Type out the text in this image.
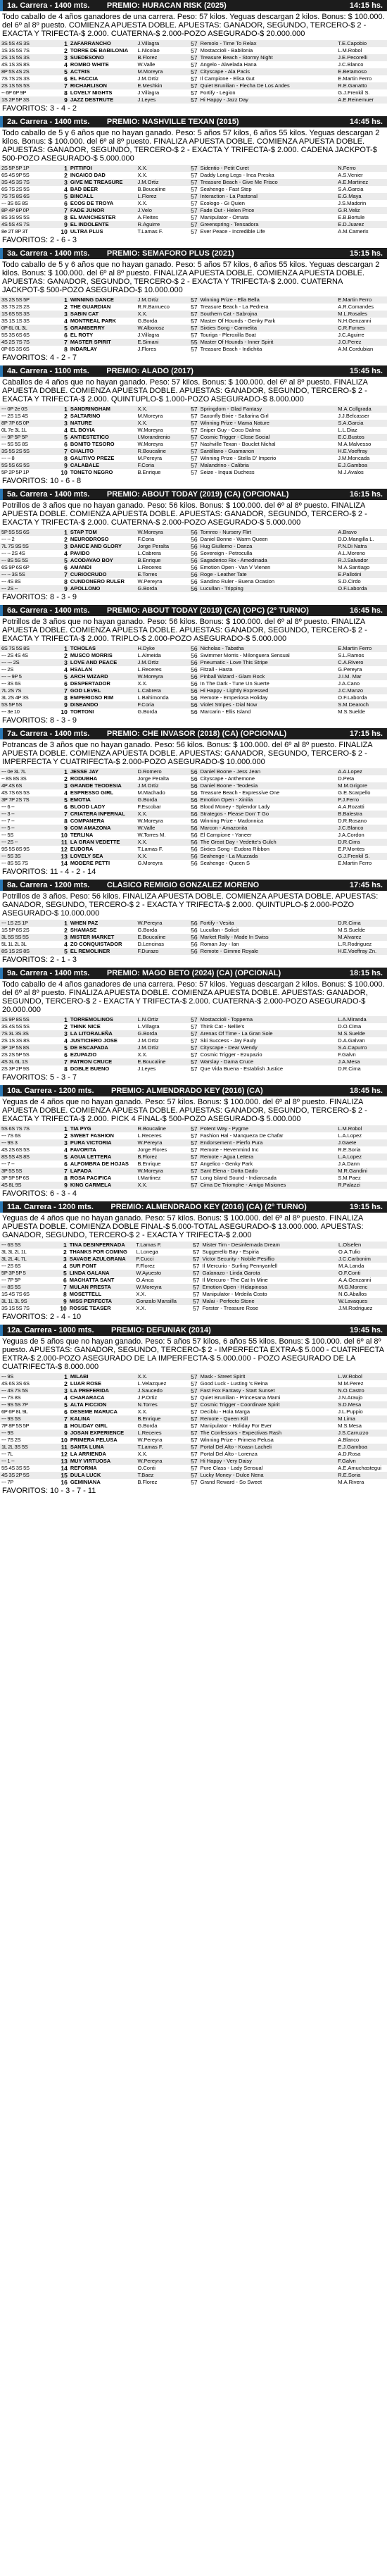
1a. Carrera - 1400 mts. PREMIO: HURACAN RISK (2025)	14:15 hs.
Todo caballo de 4 años ganadores de una carrera. Peso: 57 kilos. Yeguas descargan 2 kilos. Bonus: $ 100.000. del 6º al 8º puesto. COMIENZA APUESTA DOBLE. APUESTAS: GANADOR, SEGUNDO, TERCERO-$ 2 - EXACTA Y TRIFECTA-$ 2.000. CUATERNA-$ 2.000-POZO ASEGURADO-$ 20.000.000
3S 5S 4S 3S	1	ZAFARRANCHO	J.Villagra	57	Remolo - Time To Relax	T.E.Capobio
1S 3S 5S 7S	2	TORRE DE BABILONIA	L.Nicolao	57	Mostaccioli - Babilonia	L.M.Robol
2S 1S 5S 3S	3	SUEDESONO	B.Florez	57	Treasure Beach - Stormy Night	J.E.Pecorelli
4S 1S 3S 8S	4	ROMBO WHITE	W.Valle	57	Angelo - Alwelada Hana	J.C.Blanco
8P 5S 4S 2S	5	ACTRIS	M.Moreyra	57	Cityscape - Ala Pacis	E.Betamoso
7S 7S 2S 3S	6	EL FACCIA	J.M.Ortiz	57	Il Campione - Elisa Gut	E.Martin Ferro
2S 1S 5S 5S	7	RICHARLISON	E.Meshkin	57	Quiet Brunilian - Flecha De Los Andes	R.E.Ganatto
-- 6P 6P 9P	8	LOVELY NIGHTS	J.Villagra	57	Fortify - Legion	G.J.Frenkil S.
1S 2P 5P 3S	9	JAZZ DESTRUTE	J.Leyes	57	Hi Happy - Jazz Day	A.E.Reinemuer
FAVORITOS: 3 - 4 - 2
2a. Carrera - 1400 mts. PREMIO: NASHVILLE TEXAN (2015)	14:45 hs.
Todo caballo de 5 y 6 años que no hayan ganado. Peso: 5 años 57 kilos, 6 años 55 kilos. Yeguas descargan 2 kilos. Bonus: $ 100.000. del 6º al 8º puesto. FINALIZA APUESTA DOBLE. COMIENZA APUESTA DOBLE. APUESTAS: GANADOR, SEGUNDO, TERCERO-$ 2 - EXACTA Y TRIFECTA-$ 2.000. CADENA JACKPOT-$ 500-POZO ASEGURADO-$ 5.000.000
2S 5P 5P 1P	1	PITTIFOI	X.X.	57	Sidentio - Petit Curet	N.Ferro
6S 4S 9P 5S	2	INCAICO DAD	X.X.	57	Daddy Long Legs - Inca Preska	A.S.Venier
3S 4S 3S 7S	3	GIVE ME TREASURE	J.M.Ortiz	57	Treasure Beach - Give Me Frisco	A.E.Martinez
6S 7S 2S 5S	4	BAD BEER	B.Boucaline	57	Seahenge - Fast Step	S.A.Garcia
7S 7S 8S 6S	5	BINCALL	L.Florez	57	Interaction - La Pastonal	E.G.Maya
--- 3S 6S 8S	6	ECOS DE TROYA	X.X.	57	Ecologo - Gi Quien	J.S.Madorin
8P 4P 8P 0P	7	FADE JUNOR	J.Velo	57	Fade Out - Helen Price	G.R.Veliz
8S 3S 9S 5S	8	EL MANCHESTER	A.Fleites	57	Manipulator - Ornata	E.B.Bortule
4S 5S 4S 7S	9	EL INDOLENTE	R.Aguirre	57	Greenspring - Tensadora	E.D.Juarez
8e 2T 8P 3T	10	ULTRA PLUS	T.Lamas F.	57	Ever Peace - Incredible Life	A.M.Camerix
FAVORITOS: 2 - 6 - 3
3a. Carrera - 1400 mts. PREMIO: SEMAFORO PLUS (2021)	15:15 hs.
Todo caballo de 5 y 6 años que no hayan ganado. Peso: 5 años 57 kilos, 6 años 55 kilos. Yeguas descargan 2 kilos. Bonus: $ 100.000. del 6º al 8º puesto. FINALIZA APUESTA DOBLE. COMIENZA APUESTA DOBLE. APUESTAS: GANADOR, SEGUNDO, TERCERO-$ 2 - EXACTA Y TRIFECTA-$ 2.000. CUATERNA JACKPOT-$ 500-POZO ASEGURADO-$ 10.000.000
3S 2S 5S 5P	1	WINNING DANCE	J.M.Ortiz	57	Winning Prize - Ella Bella	E.Martin Ferro
3S 7S 2S 2S	2	THE GUARDIAN	R.R.Barrueco	57	Treasure Beach - La Pedrera	A.R.Comandes
1S 6S 5S 3S	3	SABIN CAT	X.X.	57	Southern Cat - Sabrojna	M.L.Rosales
3S 1S 1S 3S	4	MONTREAL PARK	G.Borda	57	Master Of Hounds - Genky Park	N.H.Genzanni
0P 6L 0L 3L	5	GRAMBERRY	W.Alborosz	57	Sixties Song - Carmelita	C.R.Furnes
5S 3S 6S 6S	6	EL ROTY	J.Villagra	57	Touriga - Pleroxilla Boat	J.C.Aguirre
4S 2S 7S 7S	7	MASTER SPIRIT	E.Simani	55	Master Of Hounds - Inner Spirit	J.O.Perez
0P 6S 3S 6S	8	INDARLAY	J.Flores	57	Treasure Beach - Indichita	A.M.Cordubian
FAVORITOS: 4 - 2 - 7
4a. Carrera - 1100 mts. PREMIO: ALADO (2017)	15:45 hs.
Caballos de 4 años que no hayan ganado. Peso: 57 kilos. Bonus: $ 100.000. del 6º al 8º puesto. FINALIZA APUESTA DOBLE. COMIENZA APUESTA DOBLE. APUESTAS: GANADOR, SEGUNDO, TERCERO-$ 2 - EXACTA Y TRIFECTA-$ 2.000. QUINTUPLO-$ 1.000-POZO ASEGURADO-$ 8.000.000
--- 0P 2e 0S	1	SANDRINGHAM	X.X.	57	Springdom - Glad Fantasy	M.A.Collgrada
--- 2S 1S 4S	2	SALTARINO	M.Moreyra	57	Saxonfly Bixie - Saltarina Girl	J.J.Belcasser
8P 7P 6S 0P	3	NATURE	X.X.	57	Winning Prize - Mama Nature	S.A.Garcia
0L 7e 3L 1L	4	EL BOYIA	W.Moreyra	57	Sniper Guy - Coco Dalma	L.L.Diaz
--- 9P 5P 5P	5	ANTIESTETICO	I.Morandrenio	57	Cosmic Trigger - Close Social	E.C.Bustos
--- 5S 5S 8S	6	BONITO TESORO	W.Moreyra	57	Nashville Texan - Bouclet Nichal	M.A.Malvesso
3S 5S 2S 5S	7	CHALITO	R.Boucaline	57	Santillano - Guamanon	H.E.Voeffray
--- -- 8	8	GALITIVO PREZE	M.Pereyra	57	Winning Prize - Stella D' Imperio	J.M.Moncada
5S 5S 6S 5S	9	CALABALE	F.Coria	57	Malandrino - Calibria	E.J.Gamboa
5P 2P 5P 1P	10	TONETO NEGRO	B.Enrique	57	Seize - Inquai Duchess	M.J.Avalos
FAVORITOS: 10 - 6 - 8
5a. Carrera - 1400 mts. PREMIO: ABOUT TODAY (2019) (CA) (OPCIONAL)	16:15 hs.
Potrillos de 3 años que no hayan ganado. Peso: 56 kilos. Bonus: $ 100.000. del 6º al 8º puesto. FINALIZA APUESTA DOBLE. COMIENZA APUESTA DOBLE. APUESTAS: GANADOR, SEGUNDO, TERCERO-$ 2 - EXACTA Y TRIFECTA-$ 2.000. CUATERNA-$ 2.000-POZO ASEGURADO-$ 5.000.000
5P 5S 5S 6S	1	STAP TOM	W.Moreyra	56	Tomreo - Nursery Flirt	A.Bravo
--- -- 2	2	NEURODROSO	F.Coria	56	Daniel Bonne - Warm Queen	D.D.Mangilla L.
7L 7S 9S 5S	3	DANCE AND GLORY	Jorge Peralta	56	Hug Giullemo - Danza	P.N.Di Natra
--- -- 2S 4S	4	PAVIDO	L.Cabrera	56	Sovereign - Petroculla	A.L.Moreno
--- 8S 5S 5S	5	ACODAVAO BOY	B.Enrique	56	Sagaderico Rix - Amedinada	R.J.Salvador
6S 9P 6S 6P	6	AMANDI	L.Receres	56	Emotion Open - Van V Vienen	M.A.Santiago
--- -- 3S 5S	7	CURIOCRUDO	E.Torres	56	Roge - Leather Tate	E.Pallotini
--- 4S 8S	8	CUNDONERO RULER	W.Pereyra	56	Sandino Ruler - Buena Ocasion	S.D.Cirdo
--- 2S --	9	APOLLONO	G.Borda	56	Lucullan - Tripping	O.F.Laborda
FAVORITOS: 8 - 3 - 9
6a. Carrera - 1400 mts. PREMIO: ABOUT TODAY (2019) (CA) (OPC) (2º TURNO)	16:45 hs.
Potrillos de 3 años que no hayan ganado. Peso: 56 kilos. Bonus: $ 100.000. del 6º al 8º puesto. FINALIZA APUESTA DOBLE. COMIENZA APUESTA DOBLE. APUESTAS: GANADOR, SEGUNDO, TERCERO-$ 2 - EXACTA Y TRIFECTA-$ 2.000. TRIPLO-$ 2.000-POZO ASEGURADO-$ 5.000.000
6S 7S 5S 8S	1	TCHOLAS	H.Dyke	56	Nicholas - Tabatha	E.Martin Ferro
--- 2S 4S 4S	2	MUSCO MORRIS	L.Almeida	56	Swimmer Morris - Milonguera Sensual	S.L.Ramos
--- --- 2S	3	LOVE AND PEACE	J.M.Ortiz	56	Pneumatic - Love This Stripe	C.A.Rivero
--- 2S	4	HSALAN	L.Receres	56	Fitzall - Hasta	G.Pereyra
--- -- 9P 5	5	ARCH WIZARD	W.Moreyra	56	Pinball Wizard - Glam Rock	J.I.M. Mar
--- 3S 6S	6	DESPERTADOR	X.X.	56	In The Dark - Tune Un Suerte	J.A.Cano
7L 2S 7S	7	GOD LEVEL	L.Cabrera	56	Hi Happy - Lightly Expressed	J.C.Manzo
3L 2S 4P 3S	8	EMPERIOSO RIM	L.Bahimonda	56	Remote - Emperiosa Holiday	O.F.Laborda
5S 5P 5S	9	DISEANDO	F.Coria	56	Violet Stripes - Dial Now	S.M.Dearoch
--- 3e 10	10	TORTONI	G.Borda	56	Marcarin - Ellis Island	M.S.Suelde
FAVORITOS: 8 - 3 - 9
7a. Carrera - 1400 mts. PREMIO: CHE INVASOR (2018) (CA) (OPCIONAL)	17:15 hs.
Potrancas de 3 años que no hayan ganado. Peso: 56 kilos. Bonus: $ 100.000. del 6º al 8º puesto. FINALIZA APUESTA DOBLE. COMIENZA APUESTA DOBLE. APUESTAS: GANADOR, SEGUNDO, TERCERO-$ 2 - IMPERFECTA Y CUATRIFECTA-$ 2.000-POZO ASEGURADO-$ 10.000.000
--- 0e 3L 7L	1	JESSE JAY	D.Romero	56	Daniel Boone - Jess Jean	A.A.Lopez
-- 8S 8S 3S	2	RODUBHA	Jorge Peralta	56	Cityscape - Anthemone	D.Peta
4P 4S 6S	3	GRANDE TEODESIA	J.M.Ortiz	56	Daniel Boone - Teodesia	M.M.Grigore
4S 7S 6S 5S	4	ESPRESSO GIRL	M.Machado	56	Treasure Beach - Expressive One	G.E.Scarpello
3P 7P 2S 7S	5	EMOTIA	G.Borda	56	Emotion Open - Xinilia	P.J.Ferro
--- 6 --	6	BLOOD LADY	F.Escobar	56	Blood Money - Splendor Lady	A.A.Rozatti
--- 3 --	7	CRIATERA INFERNAL	X.X.	56	Strategos - Please Don' T Go	B.Balestra
--- 7 --	8	COMPANERA	W.Moreyra	56	Winning Prize - Madonnica	D.R.Rosano
--- 5 --	9	COM AMAZONA	W.Valle	56	Marcon - Amazonita	J.C.Blanco
--- 5S	10	TERLINA	W.Torres M.	56	El Campione - Yaneer	J.A.Cordon
--- 2S --	11	LA GRAN VEDETTE	X.X.	56	The Great Day - Vedette's Gulch	D.R.Cirra
9S 5S 8S 9S	12	EUDORA	T.Lamas F.	56	Sixties Song - Eudora Ribbon	E.P.Montes
--- 5S 3S	13	LOVELY SEA	X.X.	56	Seahenge - La Muzzada	G.J.Frenkil S.
--- 8S 5S 7S	14	MODERE PETTI	G.Moreyra	56	Seahenge - Queen S	E.Martin Ferro
FAVORITOS: 11 - 4 - 2 - 14
8a. Carrera - 1200 mts. CLASICO REMIGIO GONZALEZ MORENO	17:45 hs.
Potrillos de 3 años. Peso: 56 kilos. FINALIZA APUESTA DOBLE. COMIENZA APUESTA DOBLE. APUESTAS: GANADOR, SEGUNDO, TERCERO-$ 2 - EXACTA Y TRIFECTA-$ 2.000. QUINTUPLO-$ 2.000-POZO ASEGURADO-$ 10.000.000
--- 1S 2S 1P	1	WHEN PAZ	W.Pereyra	56	Fortify - Vesita	D.R.Cima
1S 5P 8S 2S	2	SHAMASE	G.Borda	56	Lucullan - Solicit	M.S.Suelde
3L 5S 5S 5S	3	MISTER MARKET	E.Boucaline	56	Market Rally - Made In Swiss	M.Alvarez
5L 1L 2L 3L	4	ZO CONQUISTADOR	D.Lencinas	56	Roman Joy - Ian	L.R.Rodriguez
8S 1S 2S 8S	5	EL REMOLINER	F.Durazo	56	Remote - Gimme Royale	H.E.Voeffray Zn.
FAVORITOS: 2 - 1 - 3
9a. Carrera - 1400 mts. PREMIO: MAGO BETO (2024) (CA) (OPCIONAL)	18:15 hs.
Todo caballo de 4 años ganadores de una carrera. Peso: 57 kilos. Yeguas descargan 2 kilos. Bonus: $ 100.000. del 6º al 8º puesto. FINALIZA APUESTA DOBLE. COMIENZA APUESTA DOBLE. APUESTAS: GANADOR, SEGUNDO, TERCERO-$ 2 - EXACTA Y TRIFECTA-$ 2.000. CUATERNA-$ 2.000-POZO ASEGURADO-$ 20.000.000
1S 9P 8S 5S	1	TORREMOLINOS	L.N.Ortiz	57	Mostaccioli - Toppema	L.A.Miranda
3S 4S 5S 5S	2	THINK NICE	L.Villagra	57	Think Cat - Nellie's	D.O.Cima
7S 3L 3S 3S	3	LA LITORALEÑA	G.Borda	57	Arenas Of Time - La Gran Sole	M.S.Suelde
2S 1S 3S 8S	4	JUSTICIERO JOSE	J.M.Ortiz	57	Ski Success - Jay Fauly	D.A.Galvan
3P 1P 5S 8S	5	DE ESCAPADA	J.M.Ortiz	57	Cityscape - Dear Wendy	S.A.Capurro
2S 2S 5P 5S	6	EZUPAZIO	X.X.	57	Cosmic Trigger - Ezupazio	F.Galvn
4S 3L 6L 1S	7	PATRON CRUCE	E.Boucaline	57	Warslay - Dama Cruce	J.A.Mesa
2S 3P 2P 9S	8	DOBLE BUENO	J.Leyes	57	Que Vida Buena - Establish Justice	D.R.Cima
FAVORITOS: 5 - 3 - 7
10a. Carrera - 1200 mts. PREMIO: ALMENDRADO KEY (2016) (CA)	18:45 hs.
Yeguas de 4 años que no hayan ganado. Peso: 57 kilos. Bonus: $ 100.000. del 6º al 8º puesto. FINALIZA APUESTA DOBLE. COMIENZA APUESTA DOBLE. APUESTAS: GANADOR, SEGUNDO, TERCERO-$ 2 - EXACTA Y TRIFECTA-$ 2.000. PICK 4 FINAL-$ 500-POZO ASEGURADO-$ 5.000.000
5S 6S 7S 7S	1	TIA PYG	R.Boucaline	57	Potent Way - Pygme	L.M.Robol
--- 7S 6S	2	SWEET FASHION	L.Receres	57	Fashion Hal - Manqueza De Chafar	L.A.Lopez
--- 9S 3	3	PURA VICTORIA	W.Pereyra	57	Endorsement - Pierfo Pura	J.Gaete
4S 2S 6S 5S	4	FAVORITA	Jorge Flores	57	Remote - Hevenmind Inc	R.E.Soria
8S 5S 4S 8S	5	AGUA LETTERA	B.Florez	57	Remote - Agua Lettera	L.A.Lopez
--- 7 --	6	ALFOMBRA DE HOJAS	B.Enrique	57	Angelico - Genky Park	J.A.Dann
3P 5S 5S	7	LAFADA	W.Moreyra	57	Sant Elena - Dotta Dado	M.R.Gandini
3P 5P 5P 6S	8	ROSA PACIFICA	I.Martinez	57	Long Island Sound - Indiarosada	S.M.Paez
4S 8L 9S	9	KING CARMELA	X.X.	57	Cima De Triomphe - Amigo Misiones	R.Palazzi
FAVORITOS: 6 - 3 - 4
11a. Carrera - 1200 mts. PREMIO: ALMENDRADO KEY (2016) (CA) (2º TURNO)	19:15 hs.
Yeguas de 4 años que no hayan ganado. Peso: 57 kilos. Bonus: $ 100.000. del 6º al 8º puesto. FINALIZA APUESTA DOBLE. COMIENZA DOBLE FINAL-$ 5.000-TOTAL ASEGURADO-$ 13.000.000. APUESTAS: GANADOR, SEGUNDO, TERCERO-$ 2 - EXACTA Y TRIFECTA-$ 2.000
--- 6S 5S	1	TINA DESINFERNADA	T.Lamas F.	57	Mister Tim - Desinfernada Dream	L.Olsefen
3L 3L 2L 1L	2	THANKS FOR COMING	L.Lonega	57	Suggerello Bay - Espiria	O.A.Tulio
3L 2L 4L 7L	3	SAVAGE AZULGRANA	P.Cucci	57	Victor Security - Nobile Pesiflio	J.C.Carbonim
--- 2S 6S	4	SUR FONT	F.Florez	57	Il Mercurio - Surfing Pennyanfell	M.A.Landa
5P 3P 5P 5	5	LINDA GALANA	W.Ayuesto	57	Galanazo - Linda Garota	O.F.Conti
--- 7P 5P	6	MACHATTA SANT	O.Anca	57	Il Mercuro - The Cat In Mine	A.A.Genzanni
--- 8S 5S	7	MULAN PRESTA	W.Moreyra	57	Emotion Open - Hidapinosa	M.G.Morenc
1S 4S 7S 6S	8	MOSETTELL	X.X.	57	Manipulator - Mrdeila Costo	N.G.Aballos
3L 1L 3L 9S	9	MISS PERFECTA	Gonzalo Mansilla	57	Malai - Perfecto Stone	W.Lavaques
3S 1S 5S 7S	10	ROSSE TEASER	X.X.	57	Forster - Treasure Rose	J.M.Rodriguez
FAVORITOS: 2 - 4 - 10
12a. Carrera - 1000 mts. PREMIO: DEFUNIAK (2014)	19:45 hs.
Yeguas de 5 años que no hayan ganado. Peso: 5 años 57 kilos, 6 años 55 kilos. Bonus: $ 100.000. del 6º al 8º puesto. APUESTAS: GANADOR, SEGUNDO, TERCERO-$ 2 - IMPERFECTA EXTRA-$ 5.000 - CUATRIFECTA EXTRA-$ 2.000-POZO ASEGURADO DE LA IMPERFECTA-$ 5.000.000 - POZO ASEGURADO DE LA CUATRIFECTA-$ 8.000.000
--- 9S	1	MILABI	X.X.	57	Mask - Street Spirit	L.W.Robol
4S 6S 3S 6S	2	LUAR ROSE	L.Velazquez	57	Good Luck - Lusting 's Reina	M.M.Perez
--- 4S 7S 5S	3	LA PREFERIDA	J.Saucedo	57	Fast Fox Fantasy - Start Sunset	N.O.Castro
--- 7S 8S	4	CHARARACA	J.P.Ortiz	57	Quiet Brunilian - Princesana Mami	J.N.Araujo
--- 9S 5S 7P	5	ALTA FICCION	N.Torres	57	Cosmic Trigger - Coordinate Spirit	S.D.Mesa
6P 6P 8L 9L	6	DESEME MARUCA	X.X.	57	Deciblu - Hola Marga	J.L.Puppio
--- 9S 5S	7	KALINA	B.Enrique	57	Remote - Queen Kill	M.Lima
7P 8P 5S 5P	8	HOLIDAY GIRL	G.Borda	57	Manipulator - Holiday For Ever	M.S.Mesa
--- 9S	9	JOSAN EXPERIENCE	L.Receres	57	The Confessors - Expectivas Rash	J.S.Carruzzo
--- 7S 2S	10	PRIMERA PELUSA	W.Pereyra	57	Winning Prize - Primera Pelusa	A.Blanco
1L 2L 3S 5S	11	SANTA LUNA	T.Lamas F.	57	Portal Del Alto - Koasn Lacheli	E.J.Gamboa
--- 7L	12	LA ARRIENDA	X.X.	57	Portal Del Alto - Lorenza	A.D.Rosa
--- 1 --	13	MUY VIRTUOSA	W.Pereyra	57	Hi Happy - Very Daisy	F.Galvn
5S 4S 3S 5S	14	REFORMA	O.Conti	57	Pure Class - Lady Sensual	A.E.Amuchastegui
4S 3S 2P 5S	15	DULA LUCK	T.Baez	57	Lucky Money - Dulce Nena	R.E.Soria
--- 7P	16	GEMINIANA	B.Florez	57	Grand Reward - So Sweet	M.A.Rivera
FAVORITOS: 10 - 3 - 7 - 11
